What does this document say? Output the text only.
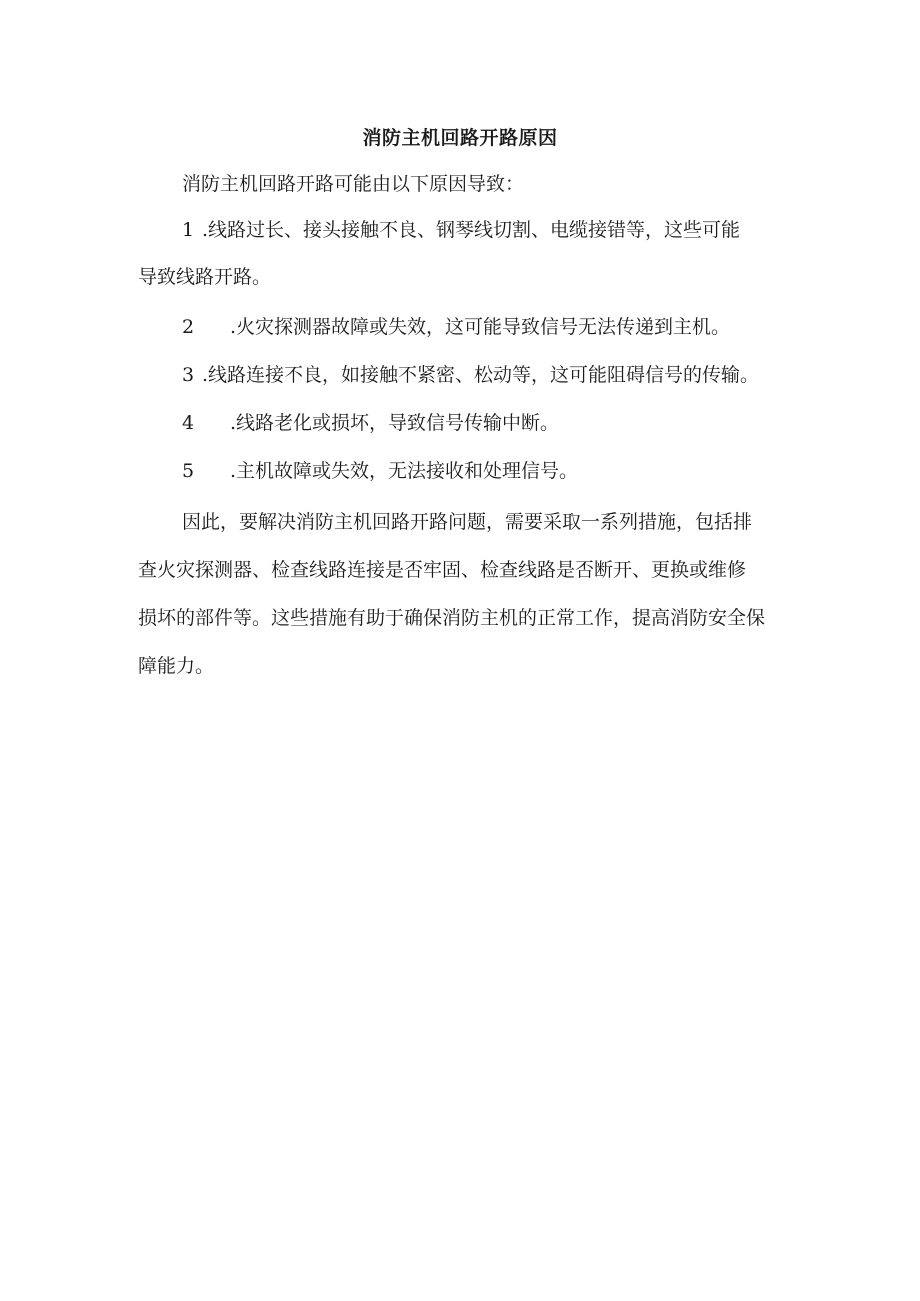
消防主机回路开路原因
消防主机回路开路可能由以下原因导致：
1 .线路过长、接头接触不良、钢琴线切割、电缆接错等，这些可能
导致线路开路。
2 .火灾探测器故障或失效，这可能导致信号无法传递到主机。
3 .线路连接不良，如接触不紧密、松动等，这可能阻碍信号的传输。
4 .线路老化或损坏，导致信号传输中断。
5 .主机故障或失效，无法接收和处理信号。
因此，要解决消防主机回路开路问题，需要采取一系列措施，包括排
查火灾探测器、检查线路连接是否牢固、检查线路是否断开、更换或维修
损坏的部件等。这些措施有助于确保消防主机的正常工作，提高消防安全保
障能力。
